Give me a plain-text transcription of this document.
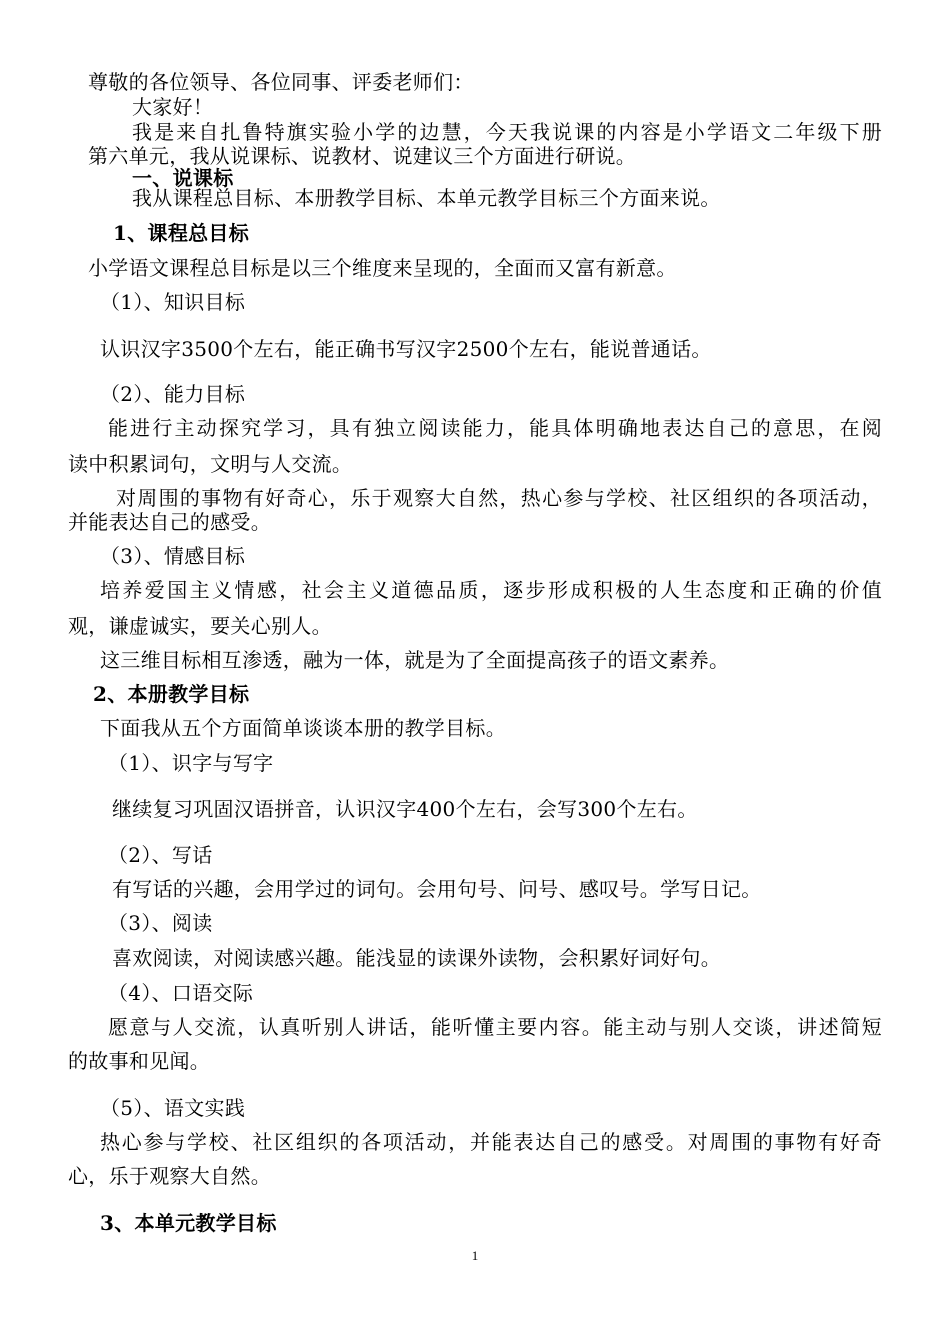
尊敬的各位领导、各位同事、评委老师们：

大家好！

我是来自扎鲁特旗实验小学的边慧，今天我说课的内容是小学语文二年级下册

第六单元，我从说课标、说教材、说建议三个方面进行研说。

一、说课标

我从课程总目标、本册教学目标、本单元教学目标三个方面来说。

1、课程总目标

小学语文课程总目标是以三个维度来呈现的，全面而又富有新意。

（1）、知识目标

认识汉字3500个左右，能正确书写汉字2500个左右，能说普通话。

（2）、能力目标

能进行主动探究学习，具有独立阅读能力，能具体明确地表达自己的意思，在阅

读中积累词句，文明与人交流。

对周围的事物有好奇心，乐于观察大自然，热心参与学校、社区组织的各项活动，

并能表达自己的感受。

（3）、情感目标

培养爱国主义情感，社会主义道德品质，逐步形成积极的人生态度和正确的价值

观，谦虚诚实，要关心别人。

这三维目标相互渗透，融为一体，就是为了全面提高孩子的语文素养。

2、本册教学目标

下面我从五个方面简单谈谈本册的教学目标。

（1）、识字与写字

继续复习巩固汉语拼音，认识汉字400个左右，会写300个左右。

（2）、写话

有写话的兴趣，会用学过的词句。会用句号、问号、感叹号。学写日记。

（3）、阅读

喜欢阅读，对阅读感兴趣。能浅显的读课外读物，会积累好词好句。

（4）、口语交际

愿意与人交流，认真听别人讲话，能听懂主要内容。能主动与别人交谈，讲述简短

的故事和见闻。

（5）、语文实践

热心参与学校、社区组织的各项活动，并能表达自己的感受。对周围的事物有好奇

心，乐于观察大自然。

3、本单元教学目标

1
